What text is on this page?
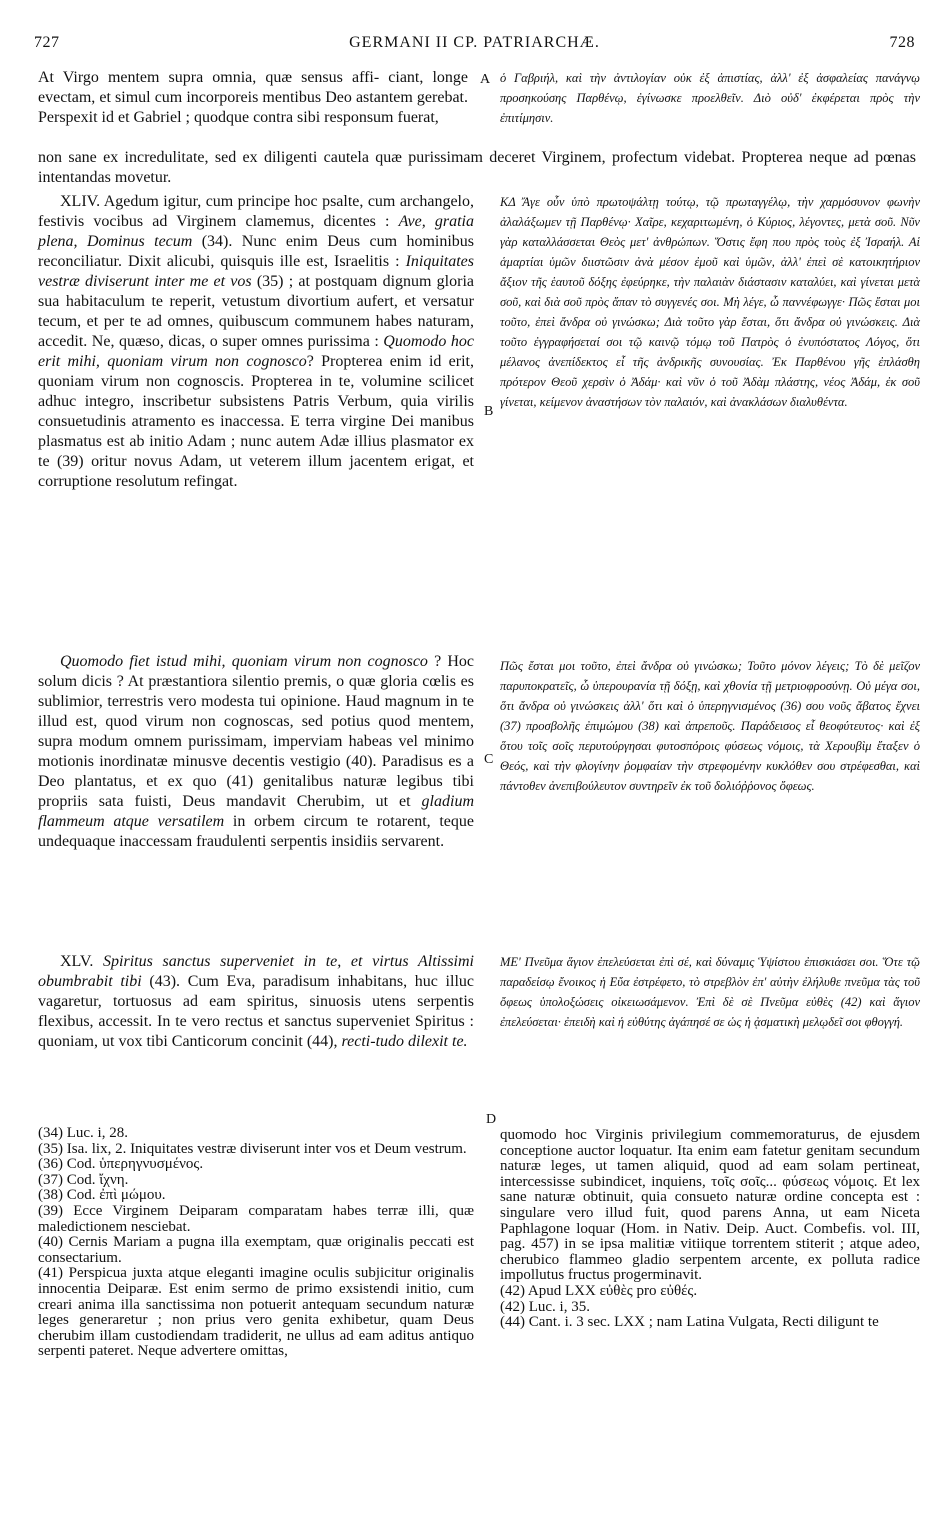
727	GERMANI II CP. PATRIARCHÆ.	728
A
B
C
D

At Virgo mentem supra omnia, quæ sensus affi- ciant, longe evectam, et simul cum incorporeis mentibus Deo astantem gerebat. Perspexit id et Gabriel ; quodque contra sibi responsum fuerat,

ὁ Γαβριήλ, καὶ τὴν ἀντιλογίαν οὐκ ἐξ ἀπιστίας, ἀλλ' ἐξ ἀσφαλείας πανάγνῳ προσηκούσης Παρθένῳ, ἐγίνωσκε προελθεῖν. Διὸ οὐδ' ἐκφέρεται πρὸς τὴν ἐπιτίμησιν.

non sane ex incredulitate, sed ex diligenti cautela quæ purissimam deceret Virginem, profectum videbat. Propterea neque ad pœnas intentandas movetur.

XLIV. Agedum igitur, cum principe hoc psalte, cum archangelo, festivis vocibus ad Virginem clamemus, dicentes : Ave, gratia plena, Dominus tecum (34). Nunc enim Deus cum hominibus reconciliatur. Dixit alicubi, quisquis ille est, Israelitis : Iniquitates vestræ diviserunt inter me et vos (35) ; at postquam dignum gloria sua habitaculum te reperit, vetustum divortium aufert, et versatur tecum, et per te ad omnes, quibuscum communem habes naturam, accedit. Ne, quæso, dicas, o super omnes purissima : Quomodo hoc erit mihi, quoniam virum non cognosco? Propterea enim id erit, quoniam virum non cognoscis. Propterea in te, volumine scilicet adhuc integro, inscribetur subsistens Patris Verbum, quia virilis consuetudinis atramento es inaccessa. E terra virgine Dei manibus plasmatus est ab initio Adam ; nunc autem Adæ illius plasmator ex te (39) oritur novus Adam, ut veterem illum jacentem erigat, et corruptione resolutum refingat.

ΚΔ Ἄγε οὖν ὑπὸ πρωτοψάλτῃ τούτῳ, τῷ πρωταγγέλῳ, τὴν χαρμόσυνον φωνὴν ἀλαλάξωμεν τῇ Παρθένῳ· Χαῖρε, κεχαριτωμένη, ὁ Κύριος, λέγοντες, μετὰ σοῦ. Νῦν γὰρ καταλλάσσεται Θεὸς μετ' ἀνθρώπων. Ὅστις ἔφη που πρὸς τοὺς ἐξ Ἰσραήλ. Αἱ ἁμαρτίαι ὑμῶν διιστῶσιν ἀνὰ μέσον ἐμοῦ καὶ ὑμῶν, ἀλλ' ἐπεὶ σὲ κατοικητήριον ἄξιον τῆς ἑαυτοῦ δόξης ἐφεύρηκε, τὴν παλαιὰν διάστασιν καταλύει, καὶ γίνεται μετὰ σοῦ, καὶ διὰ σοῦ πρὸς ἅπαν τὸ συγγενές σοι. Μὴ λέγε, ὦ παννέφωγγε· Πῶς ἔσται μοι τοῦτο, ἐπεὶ ἄνδρα οὐ γινώσκω; Διὰ τοῦτο γὰρ ἔσται, ὅτι ἄνδρα οὐ γινώσκεις. Διὰ τοῦτο ἐγγραφήσεταί σοι τῷ καινῷ τόμῳ τοῦ Πατρὸς ὁ ἐνυπόστατος Λόγος, ὅτι μέλανος ἀνεπίδεκτος εἶ τῆς ἀνδρικῆς συνουσίας. Ἐκ Παρθένου γῆς ἐπλάσθη πρότερον Θεοῦ χερσὶν ὁ Ἀδάμ· καὶ νῦν ὁ τοῦ Ἀδὰμ πλάστης, νέος Ἀδάμ, ἐκ σοῦ γίνεται, κείμενον ἀναστήσων τὸν παλαιόν, καὶ ἀνακλάσων διαλυθέντα.

Quomodo fiet istud mihi, quoniam virum non cognosco ? Hoc solum dicis ? At præstantiora silentio premis, o quæ gloria cœlis es sublimior, terrestris vero modesta tui opinione. Haud magnum in te illud est, quod virum non cognoscas, sed potius quod mentem, supra modum omnem purissimam, imperviam habeas vel minimo motionis inordinatæ minusve decentis vestigio (40). Paradisus es a Deo plantatus, et ex quo (41) genitalibus naturæ legibus tibi propriis sata fuisti, Deus mandavit Cherubim, ut et gladium flammeum atque versatilem in orbem circum te rotarent, teque undequaque inaccessam fraudulenti serpentis insidiis servarent.

Πῶς ἔσται μοι τοῦτο, ἐπεὶ ἄνδρα οὐ γινώσκω; Τοῦτο μόνον λέγεις; Τὸ δὲ μεῖζον παρυποκρατεῖς, ὦ ὑπερουρανία τῇ δόξῃ, καὶ χθονία τῇ μετριοφροσύνῃ. Οὐ μέγα σοι, ὅτι ἄνδρα οὐ γινώσκεις ἀλλ' ὅτι καὶ ὁ ὑπερηγνισμένος (36) σου νοῦς ἄβατος ἔχνει (37) προσβολῆς ἐπιμώμου (38) καὶ ἀπρεποῦς. Παράδεισος εἶ θεοφύτευτος· καὶ ἐξ ὅτου τοῖς σοῖς περυτούργησαι φυτοσπόροις φύσεως νόμοις, τὰ Χερουβὶμ ἔταξεν ὁ Θεός, καὶ τὴν φλογίνην ῥομφαίαν τὴν στρεφομένην κυκλόθεν σου στρέφεσθαι, καὶ πάντοθεν ἀνεπιβούλευτον συντηρεῖν ἐκ τοῦ δολιόῤῥονος ὄφεως.

XLV. Spiritus sanctus superveniet in te, et virtus Altissimi obumbrabit tibi (43). Cum Eva, paradisum inhabitans, huc illuc vagaretur, tortuosus ad eam spiritus, sinuosis utens serpentis flexibus, accessit. In te vero rectus et sanctus superveniet Spiritus : quoniam, ut vox tibi Canticorum concinit (44), recti-tudo dilexit te.

ΜΕ' Πνεῦμα ἅγιον ἐπελεύσεται ἐπὶ σέ, καὶ δύναμις Ὑψίστου ἐπισκιάσει σοι. Ὅτε τῷ παραδείσῳ ἔνοικος ἡ Εὔα ἐστρέφετο, τὸ στρεβλὸν ἐπ' αὐτὴν ἐλήλυθε πνεῦμα τὰς τοῦ ὄφεως ὑπολοξώσεις οἰκειωσάμενον. Ἐπὶ δὲ σὲ Πνεῦμα εὐθὲς (42) καὶ ἅγιον ἐπελεύσεται· ἐπειδὴ καὶ ἡ εὐθύτης ἀγάπησέ σε ὡς ἡ ᾀσματικὴ μελῳδεῖ σοι φθογγή.

(34) Luc. i, 28.

(35) Isa. lix, 2. Iniquitates vestræ diviserunt inter vos et Deum vestrum.

(36) Cod. ὑπερηγνυσμένος.

(37) Cod. ἴχνη.

(38) Cod. ἐπὶ μώμου.

(39) Ecce Virginem Deiparam comparatam habes terræ illi, quæ maledictionem nesciebat.

(40) Cernis Mariam a pugna illa exemptam, quæ originalis peccati est consectarium.

(41) Perspicua juxta atque eleganti imagine oculis subjicitur originalis innocentia Deiparæ. Est enim sermo de primo exsistendi initio, cum creari anima illa sanctissima non potuerit antequam secundum naturæ leges generaretur ; non prius vero genita exhibetur, quam Deus cherubim illam custodiendam tradiderit, ne ullus ad eam aditus antiquo serpenti pateret. Neque advertere omittas,

quomodo hoc Virginis privilegium commemoraturus, de ejusdem conceptione auctor loquatur. Ita enim eam fatetur genitam secundum naturæ leges, ut tamen aliquid, quod ad eam solam pertineat, intercessisse subindicet, inquiens, τοῖς σοῖς... φύσεως νόμοις. Et lex sane naturæ obtinuit, quia consueto naturæ ordine concepta est : singulare vero illud fuit, quod parens Anna, ut eam Niceta Paphlagone loquar (Hom. in Nativ. Deip. Auct. Combefis. vol. III, pag. 457) in se ipsa malitiæ vitiique torrentem stiterit ; atque adeo, cherubico flammeo gladio serpentem arcente, ex polluta radice impollutus fructus progerminavit.

(42) Apud LXX εὐθὲς pro εὐθές.

(42) Luc. i, 35.

(44) Cant. i. 3 sec. LXX ; nam Latina Vulgata, Recti diligunt te
